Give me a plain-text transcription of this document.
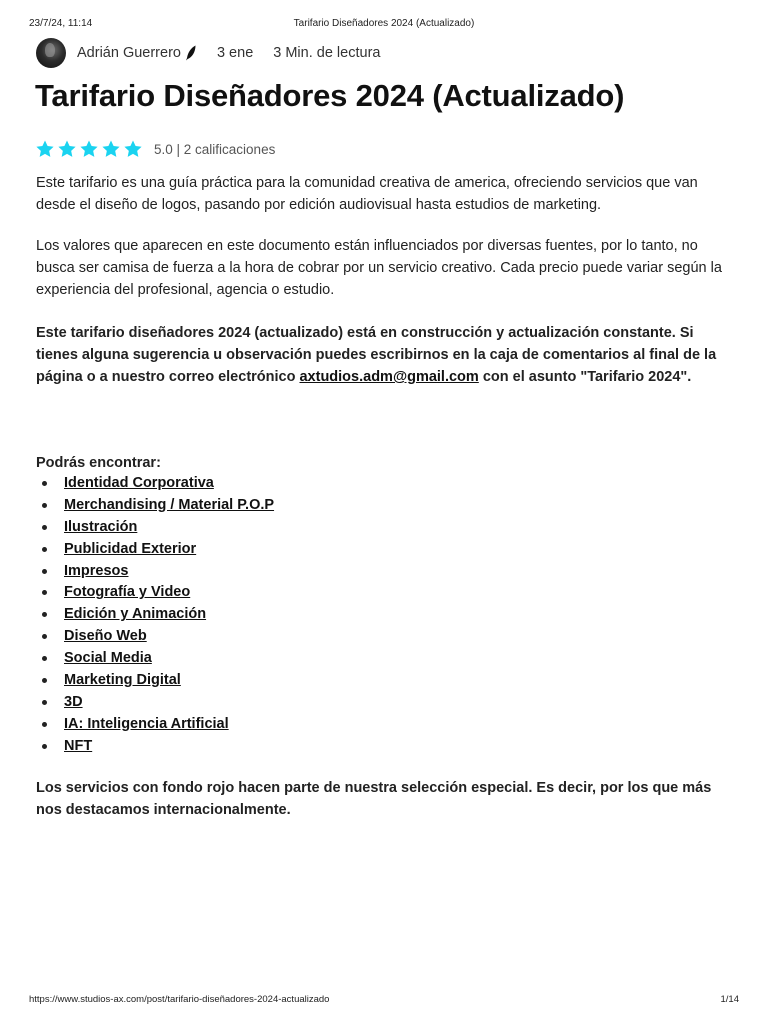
23/7/24, 11:14	Tarifario Diseñadores 2024 (Actualizado)
Adrián Guerrero 3 ene 3 Min. de lectura
Tarifario Diseñadores 2024 (Actualizado)
5.0 | 2 calificaciones

Este tarifario es una guía práctica para la comunidad creativa de america, ofreciendo servicios que van desde el diseño de logos, pasando por edición audiovisual hasta estudios de marketing.

Los valores que aparecen en este documento están influenciados por diversas fuentes, por lo tanto, no busca ser camisa de fuerza a la hora de cobrar por un servicio creativo. Cada precio puede variar según la experiencia del profesional, agencia o estudio.

Este tarifario diseñadores 2024 (actualizado) está en construcción y actualización constante. Si tienes alguna sugerencia u observación puedes escribirnos en la caja de comentarios al final de la página o a nuestro correo electrónico axtudios.adm@gmail.com con el asunto "Tarifario 2024".

Podrás encontrar:
Identidad Corporativa
Merchandising / Material P.O.P
Ilustración
Publicidad Exterior
Impresos
Fotografía y Video
Edición y Animación
Diseño Web
Social Media
Marketing Digital
3D
IA: Inteligencia Artificial
NFT

Los servicios con fondo rojo hacen parte de nuestra selección especial. Es decir, por los que más nos destacamos internacionalmente.

https://www.studios-ax.com/post/tarifario-diseñadores-2024-actualizado	1/14
